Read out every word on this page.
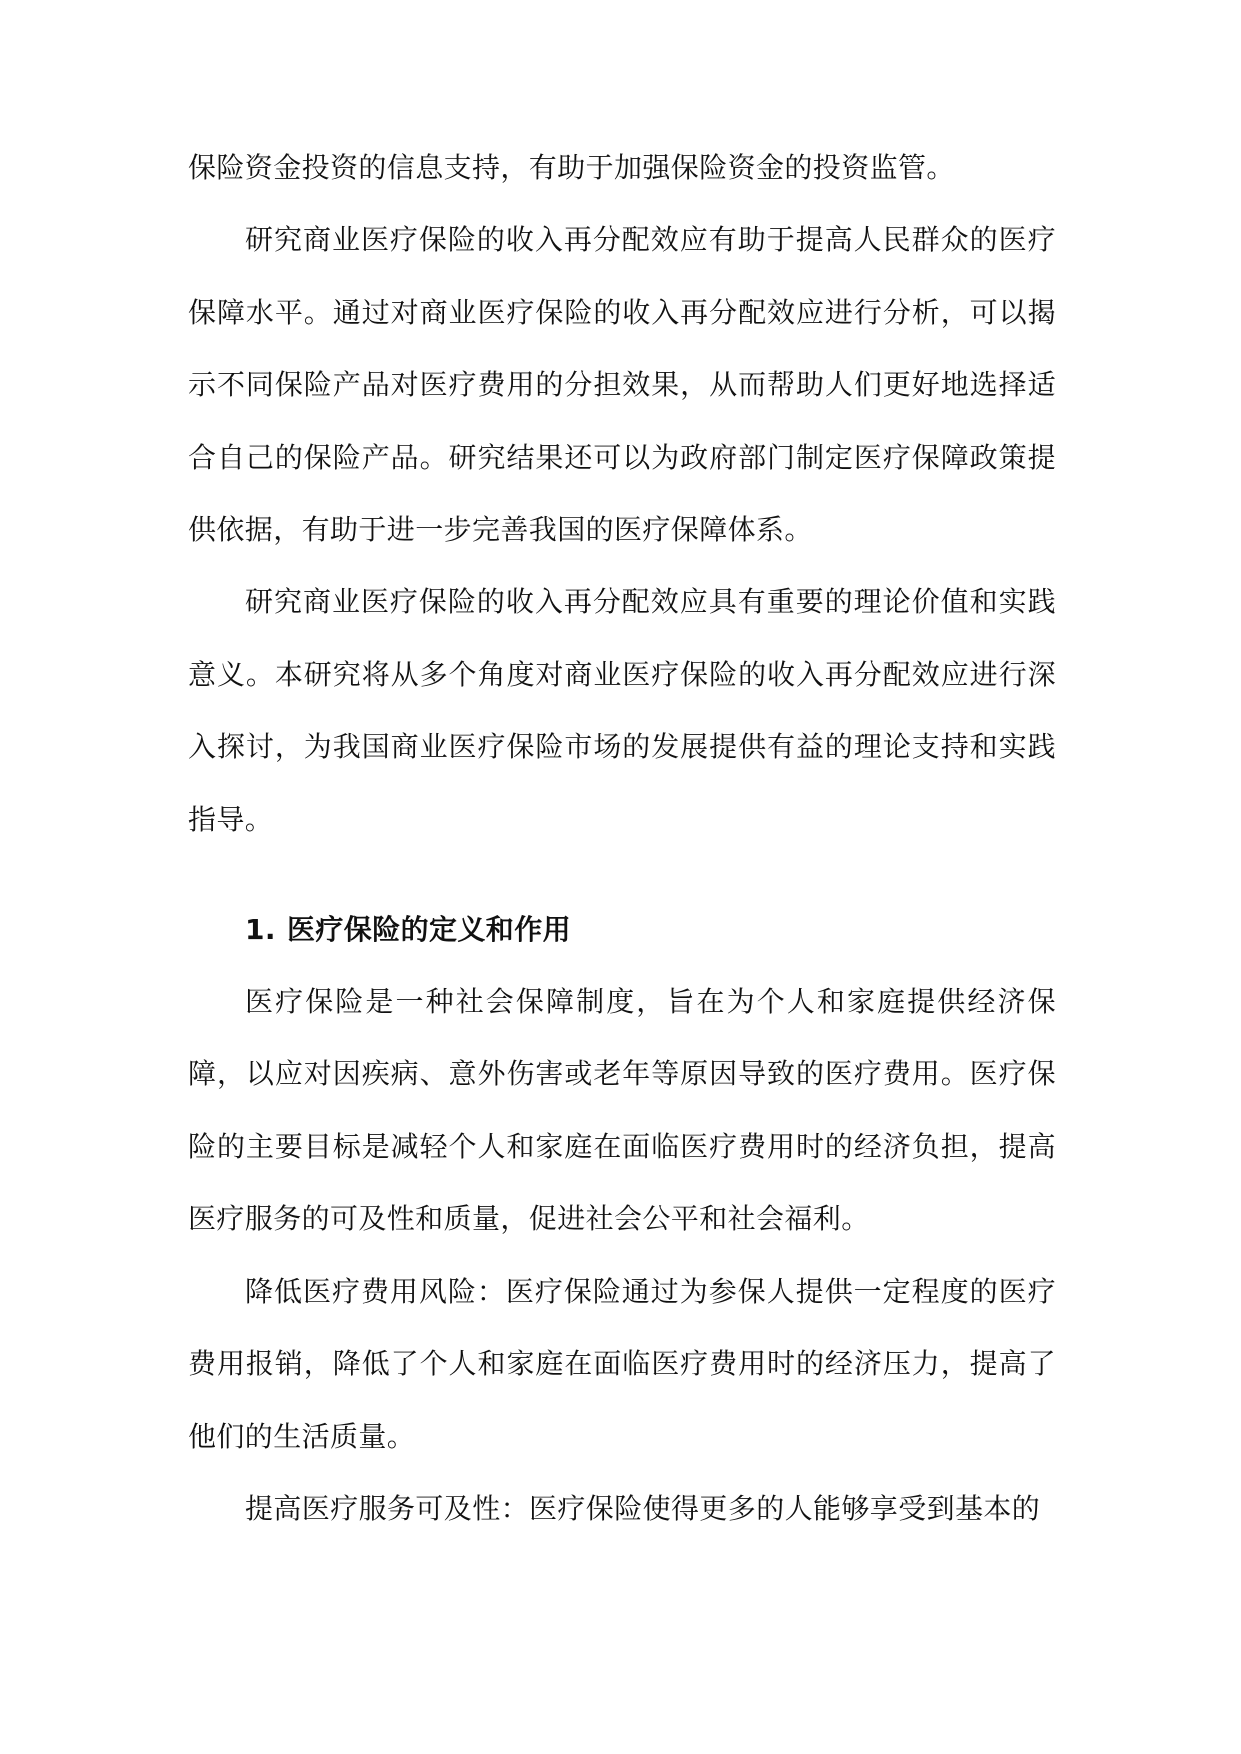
保险资金投资的信息支持，有助于加强保险资金的投资监管。

研究商业医疗保险的收入再分配效应有助于提高人民群众的医疗保障水平。通过对商业医疗保险的收入再分配效应进行分析，可以揭示不同保险产品对医疗费用的分担效果，从而帮助人们更好地选择适合自己的保险产品。研究结果还可以为政府部门制定医疗保障政策提供依据，有助于进一步完善我国的医疗保障体系。

研究商业医疗保险的收入再分配效应具有重要的理论价值和实践意义。本研究将从多个角度对商业医疗保险的收入再分配效应进行深入探讨，为我国商业医疗保险市场的发展提供有益的理论支持和实践指导。

1. 医疗保险的定义和作用

医疗保险是一种社会保障制度，旨在为个人和家庭提供经济保障，以应对因疾病、意外伤害或老年等原因导致的医疗费用。医疗保险的主要目标是减轻个人和家庭在面临医疗费用时的经济负担，提高医疗服务的可及性和质量，促进社会公平和社会福利。

降低医疗费用风险：医疗保险通过为参保人提供一定程度的医疗费用报销，降低了个人和家庭在面临医疗费用时的经济压力，提高了他们的生活质量。

提高医疗服务可及性：医疗保险使得更多的人能够享受到基本的
